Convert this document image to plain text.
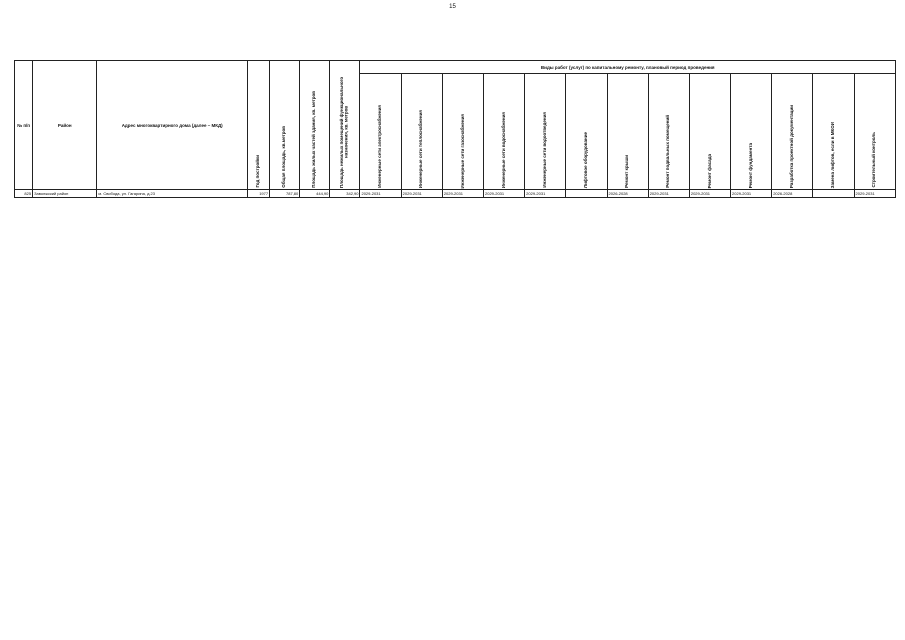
15
№ п/п	Район	Адрес многоквартирного дома (далее – МКД)	Год постройки	Общая площадь, кв.метров	Площадь жилых частей здания, кв. метров	Площадь нежилых помещений функционального назначения, кв. метров	Виды работ (услуг) по капитальному ремонту, плановый период проведения												
							Инженерные сети электроснабжения	Инженерные сети теплоснабжения	Инженерные сети газоснабжения	Инженерные сети водоснабжения	Инженерные сети водоотведения	Лифтовое оборудование	Ремонт крыши	Ремонт подвальных помещений	Ремонт фасада	Ремонт фундамента	Разработка проектной документации	Замена лифтов, если в МКОИ	Строительный контроль
825	Заволжский район	м. Свобода, ул. Гагарина, д.23	1977	787,80	444,90	342,90	2029-2031	2029-2031	2029-2031	2029-2031	2029-2031		2026-2028	2029-2031	2029-2031	2029-2031	2026-2028		2029-2031
